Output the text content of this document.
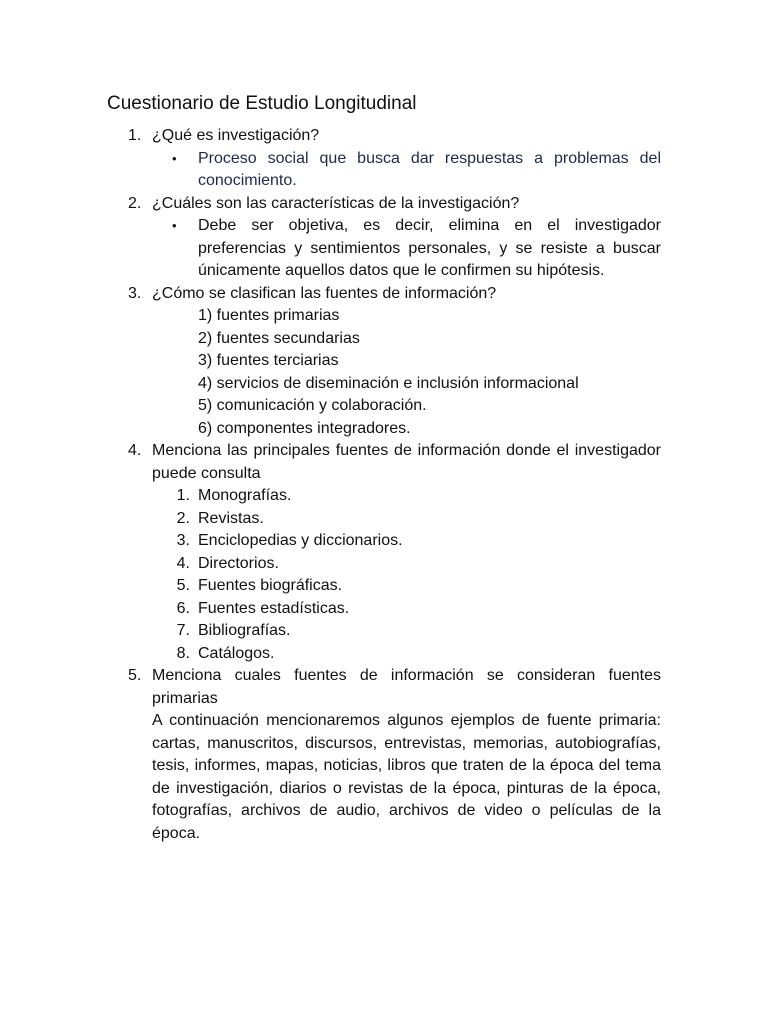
Cuestionario de Estudio Longitudinal
1. ¿Qué es investigación?
• Proceso social que busca dar respuestas a problemas del conocimiento.
2. ¿Cuáles son las características de la investigación?
• Debe ser objetiva, es decir, elimina en el investigador preferencias y sentimientos personales, y se resiste a buscar únicamente aquellos datos que le confirmen su hipótesis.
3. ¿Cómo se clasifican las fuentes de información?
1) fuentes primarias
2) fuentes secundarias
3) fuentes terciarias
4) servicios de diseminación e inclusión informacional
5) comunicación y colaboración.
6) componentes integradores.
4. Menciona las principales fuentes de información donde el investigador puede consulta
1. Monografías.
2. Revistas.
3. Enciclopedias y diccionarios.
4. Directorios.
5. Fuentes biográficas.
6. Fuentes estadísticas.
7. Bibliografías.
8. Catálogos.
5. Menciona cuales fuentes de información se consideran fuentes primarias

A continuación mencionaremos algunos ejemplos de fuente primaria: cartas, manuscritos, discursos, entrevistas, memorias, autobiografías, tesis, informes, mapas, noticias, libros que traten de la época del tema de investigación, diarios o revistas de la época, pinturas de la época, fotografías, archivos de audio, archivos de video o películas de la época.
